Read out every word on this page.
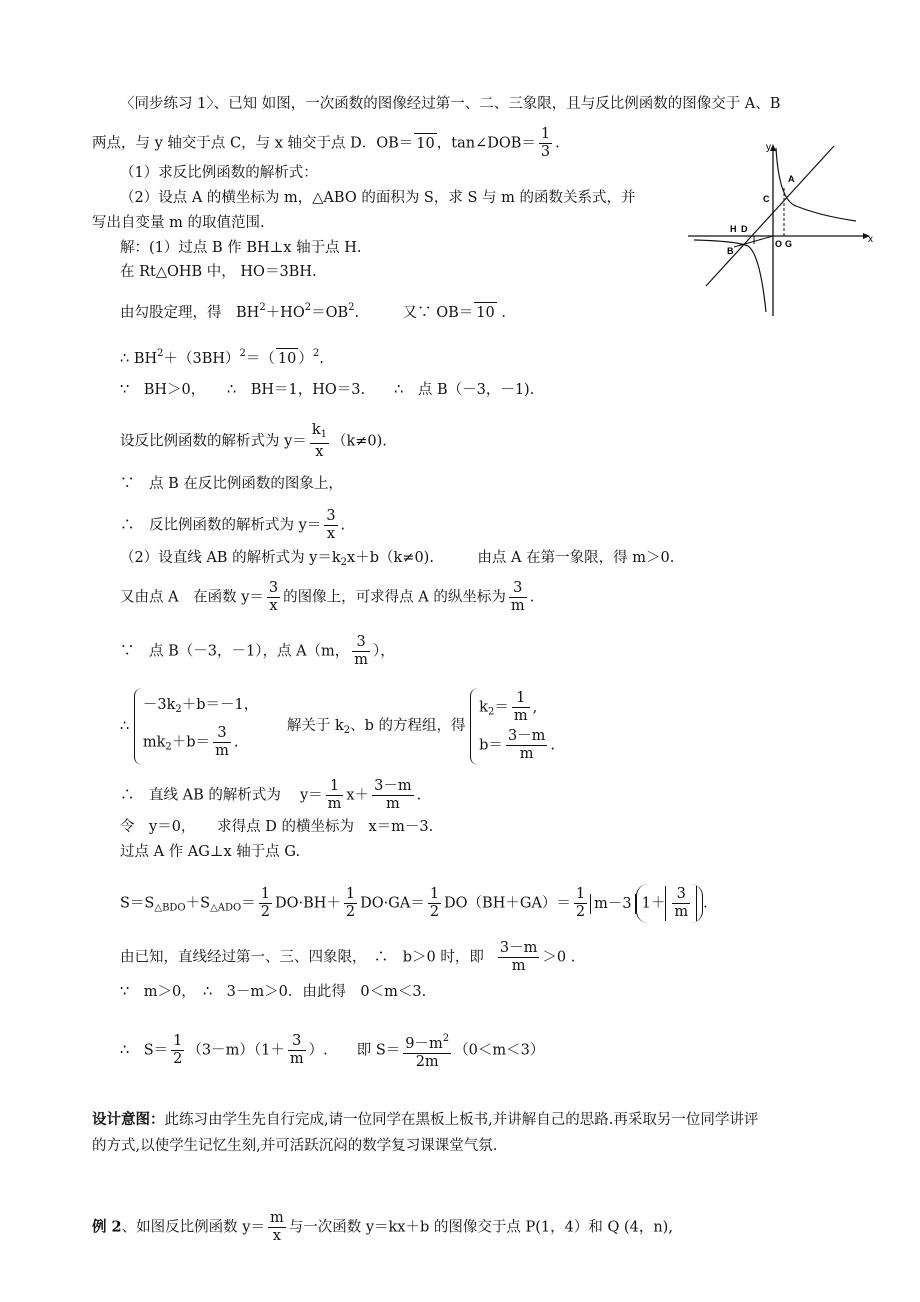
〈同步练习 1〉、已知 如图，一次函数的图像经过第一、二、三象限，且与反比例函数的图像交于 A、B
两点，与 y 轴交于点 C，与 x 轴交于点 D．OB＝ 10 ，tan∠DOB＝ $\frac{1}{3}$ .
（1）求反比例函数的解析式：
（2）设点 A 的横坐标为 m，△ABO 的面积为 S，求 S 与 m 的函数关系式，并
写出自变量 m 的取值范围.
y
x
A
C
B
H D
O G
解：(1）过点 B 作 BH⊥x 轴于点 H.
在 Rt△OHB 中， HO＝3BH.
由勾股定理，得　$BH^2+HO^2=OB^2$.　　　又∵ OB＝ 10 .
∴ $BH^2+(3BH)^2=$（ 10 ）$^2$.
∵　BH＞0，　　∴　BH＝1，HO＝3.　　∴　点 B（－3，－1).
设反比例函数的解析式为 $y= \frac{k_1}{x} (k\ne 0)$.
∵　点 B 在反比例函数的图象上，
∴　反比例函数的解析式为 $y= \frac{3}{x}$ .
（2）设直线 AB 的解析式为 $y=k_2x+b(k\ne 0)$.　　　由点 A 在第一象限，得 m＞0.
又由点 A　在函数 $y= \frac{3}{x}$ 的图像上，可求得点 A 的纵坐标为 $\frac{3}{m}$ .
∵　点 B（－3，－1），点 A（m， $\frac{3}{m}$ ），
∴
$-3k_2+b=-1$，
$mk_2+b= \frac{3}{m}$ .
解关于 $k_2$、b 的方程组，得
$k_2= \frac{1}{m}$ ,
$b= \frac{3-m}{m}$ .
∴　直线 AB 的解析式为　 $y= \frac{1}{m} x+ \frac{3-m}{m}$ .
令　y＝0，　　求得点 D 的横坐标为　x＝m－3.
过点 A 作 AG⊥x 轴于点 G.
$S=S_{\triangle BDO}+S_{\triangle ADO}= \frac{1}{2} DO\cdot BH+ \frac{1}{2} DO\cdot GA= \frac{1}{2} DO(BH+GA)= \frac{1}{2} m-3$ $1+ \frac{3}{m}$ .
由已知，直线经过第一、三、四象限，　∴　b＞0 时，即 $\frac{3-m}{m} >0$ .
∵　m＞0，　∴　3－m＞0．由此得　0＜m＜3.
∴　$S= \frac{1}{2} (3-m)(1+ \frac{3}{m}$ ）.　　即 $S= \frac{9-m^2}{2m} (0<m<3)$
设计意图：此练习由学生先自行完成,请一位同学在黑板上板书,并讲解自己的思路.再采取另一位同学讲评
的方式,以使学生记忆生刻,并可活跃沉闷的数学复习课课堂气氛.
例 2、如图反比例函数 $y= \frac{m}{x}$ 与一次函数 y＝kx＋b 的图像交于点 P(1，4）和 Q (4，n),
